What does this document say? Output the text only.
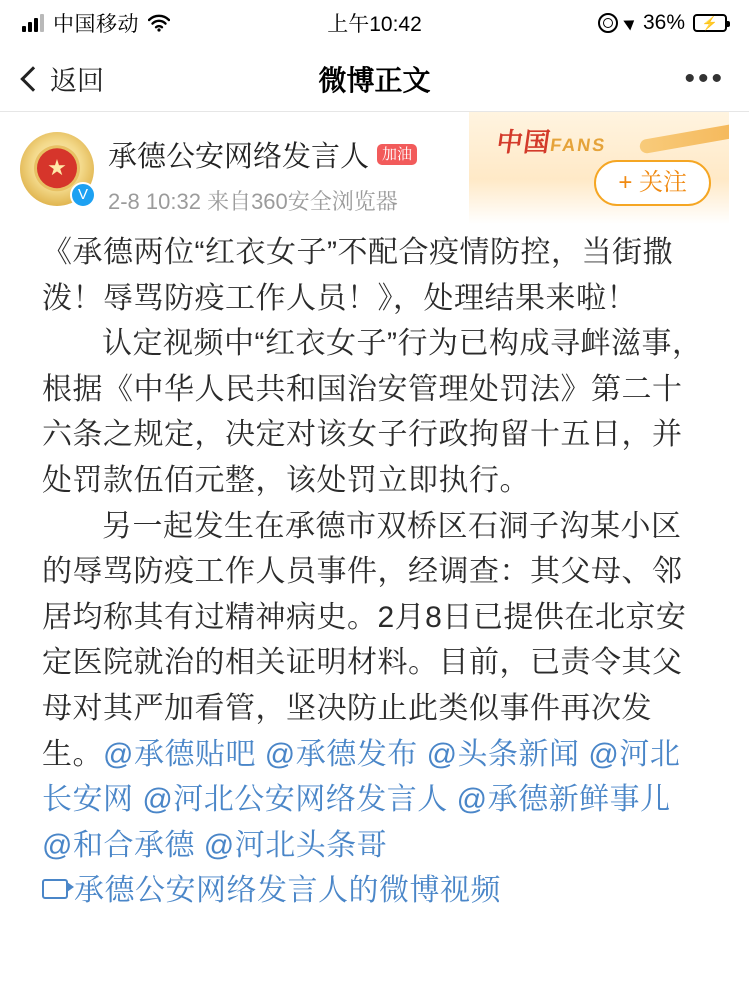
中国移动	上午10:42	36% ⚡
返回	微博正文	•••
中国FANS
★
V
承德公安网络发言人 加油
2-8 10:32 来自360安全浏览器
+ 关注

《承德两位“红衣女子”不配合疫情防控，当街撒泼！辱骂防疫工作人员！》，处理结果来啦！

认定视频中“红衣女子”行为已构成寻衅滋事，根据《中华人民共和国治安管理处罚法》第二十六条之规定，决定对该女子行政拘留十五日，并处罚款伍佰元整，该处罚立即执行。

另一起发生在承德市双桥区石洞子沟某小区的辱骂防疫工作人员事件，经调查：其父母、邻居均称其有过精神病史。2月8日已提供在北京安定医院就治的相关证明材料。目前，已责令其父母对其严加看管，坚决防止此类似事件再次发生。@承德贴吧 @承德发布 @头条新闻 @河北长安网 @河北公安网络发言人 @承德新鲜事儿 @和合承德 @河北头条哥

承德公安网络发言人的微博视频
